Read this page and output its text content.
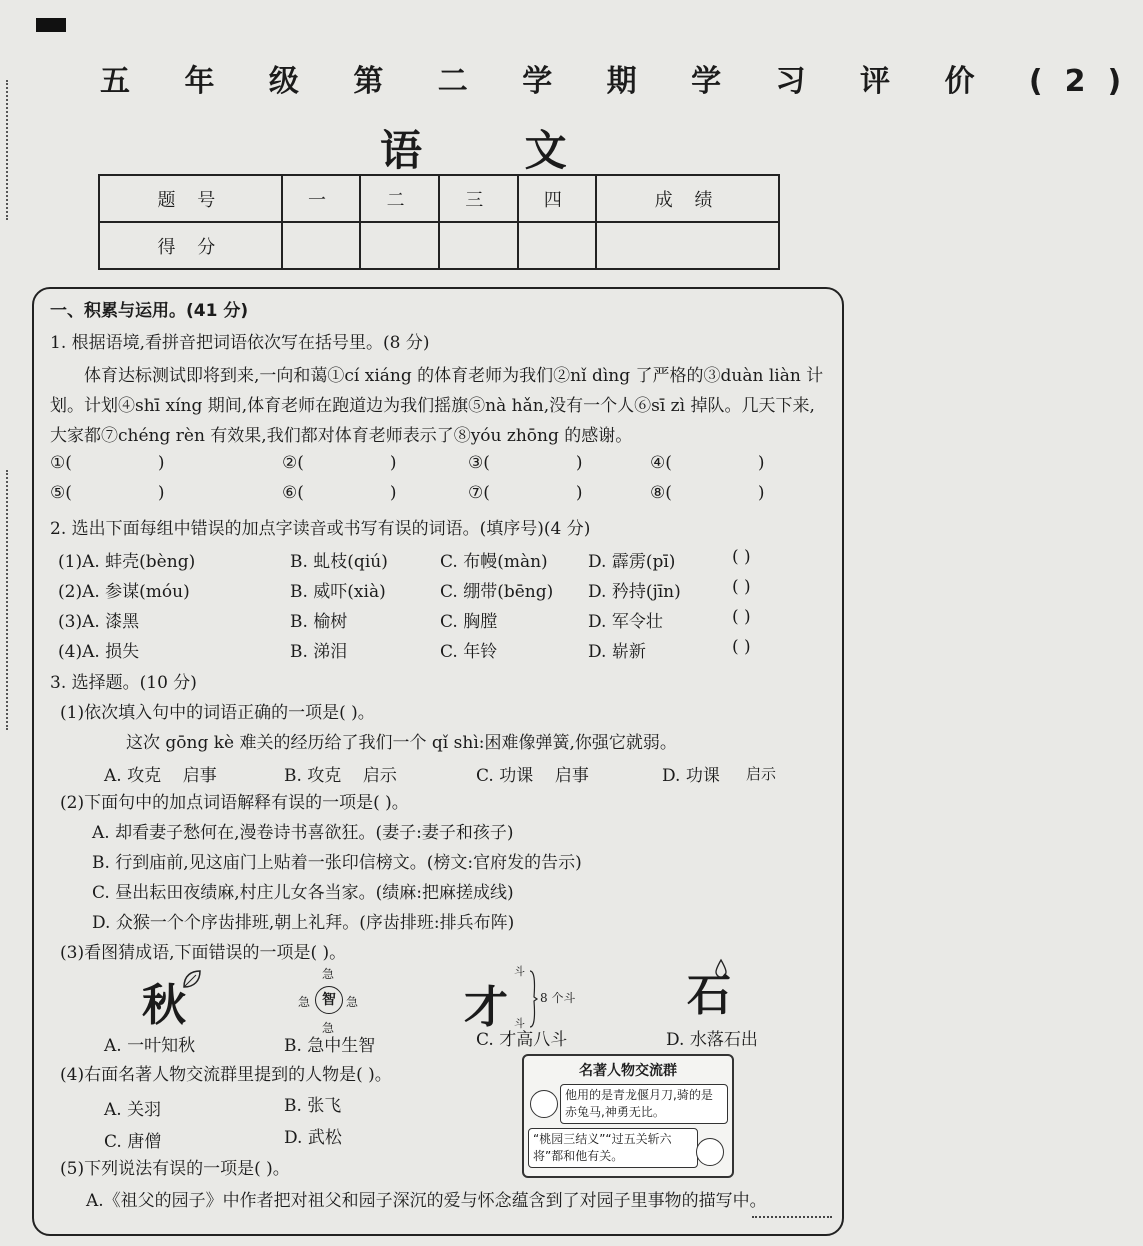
五 年 级 第 二 学 期 学 习 评 价 (2)
语 文
题 号	一	二	三	四	成 绩
得 分					
一、积累与运用。(41 分)
1. 根据语境,看拼音把词语依次写在括号里。(8 分)
体育达标测试即将到来,一向和蔼①cí xiáng 的体育老师为我们②nǐ dìng 了严格的③duàn liàn 计划。计划④shī xíng 期间,体育老师在跑道边为我们摇旗⑤nà hǎn,没有一个人⑥sī zì 掉队。几天下来,大家都⑦chéng rèn 有效果,我们都对体育老师表示了⑧yóu zhōng 的感谢。
①(	)	②(	)	③(	)	④(	)
⑤(	)	⑥(	)	⑦(	)	⑧(	)
2. 选出下面每组中错误的加点字读音或书写有误的词语。(填序号)(4 分)
(1)A. 蚌壳(bèng)	B. 虬枝(qiú)	C. 布幔(màn) D. 霹雳(pī)	( )
(2)A. 参谋(móu)	B. 威吓(xià)	C. 绷带(bēng) D. 矜持(jīn)	( )
(3)A. 漆黑	B. 榆树	C. 胸膛	D. 军令壮	( )
(4)A. 损失	B. 涕泪	C. 年铃	D. 崭新	( )
3. 选择题。(10 分)
(1)依次填入句中的词语正确的一项是( )。
这次 gōng kè 难关的经历给了我们一个 qǐ shì:困难像弹簧,你强它就弱。
A. 攻克    启事	B. 攻克    启示	C. 功课    启事	D. 功课 启示
(2)下面句中的加点词语解释有误的一项是( )。
A. 却看妻子愁何在,漫卷诗书喜欲狂。(妻子:妻子和孩子)
B. 行到庙前,见这庙门上贴着一张印信榜文。(榜文:官府发的告示)
C. 昼出耘田夜绩麻,村庄儿女各当家。(绩麻:把麻搓成线)
D. 众猴一个个序齿排班,朝上礼拜。(序齿排班:排兵布阵)
(3)看图猜成语,下面错误的一项是( )。
秋
急
急	急
急
智	才
斗
斗
8 个斗	石
A. 一叶知秋	B. 急中生智	C. 才高八斗	D. 水落石出
(4)右面名著人物交流群里提到的人物是( )。
A. 关羽	B. 张飞
C. 唐僧	D. 武松
名著人物交流群
他用的是青龙偃月刀,骑的是赤兔马,神勇无比。
“桃园三结义”“过五关斩六将”都和他有关。
(5)下列说法有误的一项是( )。
A.《祖父的园子》中作者把对祖父和园子深沉的爱与怀念蕴含到了对园子里事物的描写中。
